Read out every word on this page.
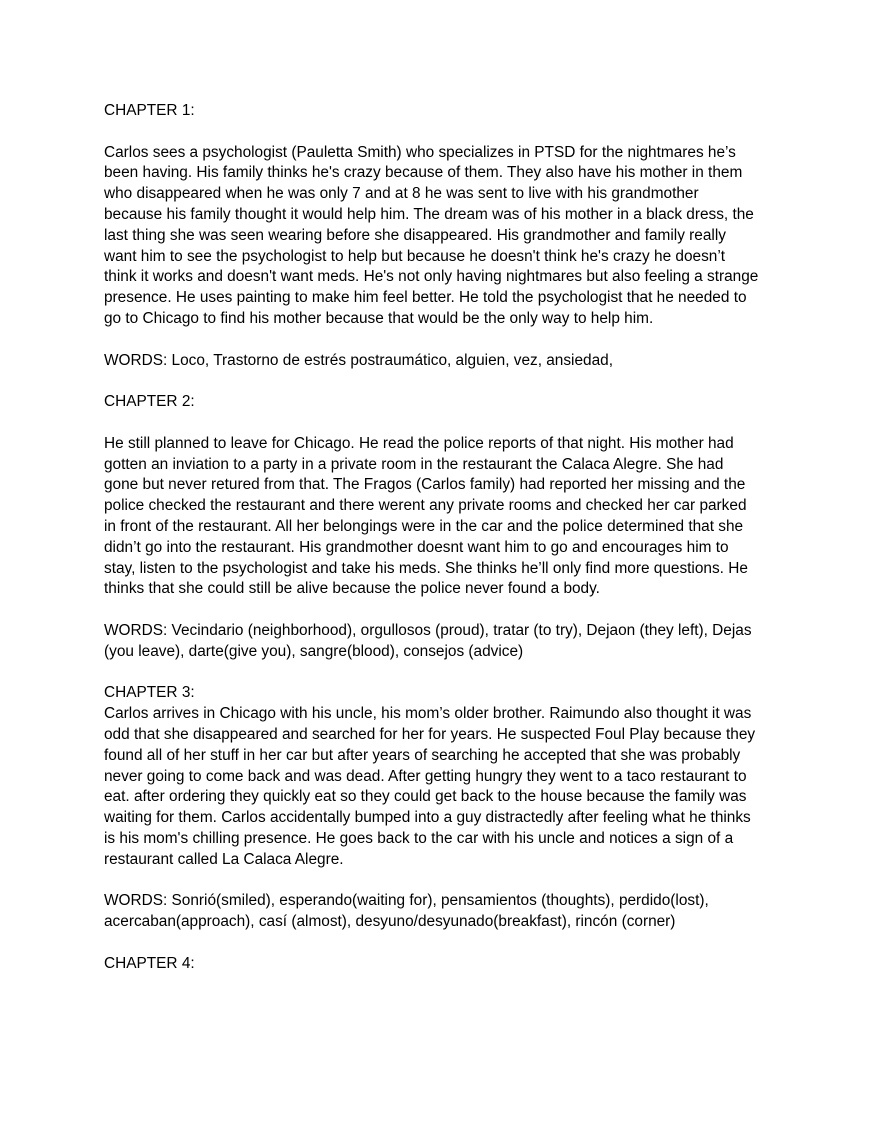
CHAPTER 1:

Carlos sees a psychologist (Pauletta Smith) who specializes in PTSD for the nightmares he’s

been having. His family thinks he's crazy because of them. They also have his mother in them

who disappeared when he was only 7 and at 8 he was sent to live with his grandmother

because his family thought it would help him. The dream was of his mother in a black dress, the

last thing she was seen wearing before she disappeared. His grandmother and family really

want him to see the psychologist to help but because he doesn't think he's crazy he doesn’t

think it works and doesn't want meds. He's not only having nightmares but also feeling a strange

presence. He uses painting to make him feel better. He told the psychologist that he needed to

go to Chicago to find his mother because that would be the only way to help him.

WORDS: Loco, Trastorno de estrés postraumático, alguien, vez, ansiedad,

CHAPTER 2:

He still planned to leave for Chicago. He read the police reports of that night. His mother had

gotten an inviation to a party in a private room in the restaurant the Calaca Alegre. She had

gone but never retured from that. The Fragos (Carlos family) had reported her missing and the

police checked the restaurant and there werent any private rooms and checked her car parked

in front of the restaurant. All her belongings were in the car and the police determined that she

didn’t go into the restaurant. His grandmother doesnt want him to go and encourages him to

stay, listen to the psychologist and take his meds. She thinks he’ll only find more questions. He

thinks that she could still be alive because the police never found a body.

WORDS: Vecindario (neighborhood), orgullosos (proud), tratar (to try), Dejaon (they left), Dejas

(you leave), darte(give you), sangre(blood), consejos (advice)

CHAPTER 3:

Carlos arrives in Chicago with his uncle, his mom’s older brother. Raimundo also thought it was

odd that she disappeared and searched for her for years. He suspected Foul Play because they

found all of her stuff in her car but after years of searching he accepted that she was probably

never going to come back and was dead. After getting hungry they went to a taco restaurant to

eat. after ordering they quickly eat so they could get back to the house because the family was

waiting for them. Carlos accidentally bumped into a guy distractedly after feeling what he thinks

is his mom's chilling presence. He goes back to the car with his uncle and notices a sign of a

restaurant called La Calaca Alegre.

WORDS: Sonrió(smiled), esperando(waiting for), pensamientos (thoughts), perdido(lost),

acercaban(approach), casí (almost), desyuno/desyunado(breakfast), rincón (corner)

CHAPTER 4:
